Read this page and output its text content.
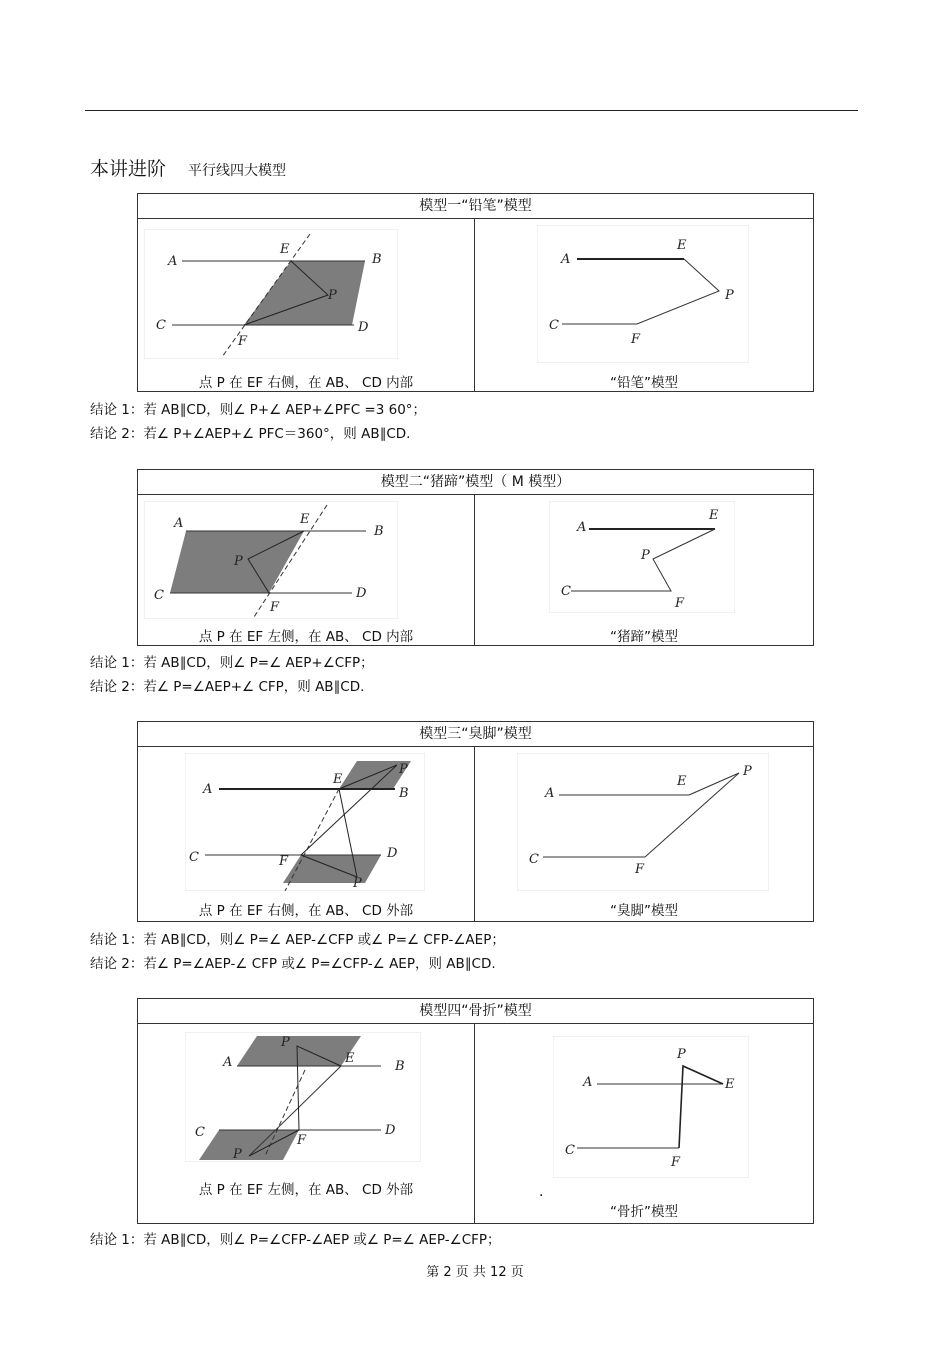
本讲进阶 平行线四大模型
模型一“铅笔”模型
A	B
C	D
E
F
P
点 P 在 EF 右侧，在 AB、 CD 内部
A
E
P
C
F
“铅笔”模型
结论 1：若 AB∥CD，则∠ P+∠ AEP+∠PFC =3 60°；
结论 2：若∠ P+∠AEP+∠ PFC＝360°，则 AB∥CD.
模型二“猪蹄”模型（ M 模型）
A
B
C	D
E
F
P
点 P 在 EF 左侧，在 AB、 CD 内部
A
E
P
C
F
“猪蹄”模型
结论 1：若 AB∥CD，则∠ P=∠ AEP+∠CFP；
结论 2：若∠ P=∠AEP+∠ CFP，则 AB∥CD.
模型三“臭脚”模型
A	B
C	D
E
F
P
P
点 P 在 EF 右侧，在 AB、 CD 外部
A
E
P
C
F
“臭脚”模型
结论 1：若 AB∥CD，则∠ P=∠ AEP-∠CFP 或∠ P=∠ CFP-∠AEP；
结论 2：若∠ P=∠AEP-∠ CFP 或∠ P=∠CFP-∠ AEP，则 AB∥CD.
模型四“骨折”模型
A	B
C	D
E
F
P
P
点 P 在 EF 左侧，在 AB、 CD 外部
A
P
E
C
F
.
“骨折”模型
结论 1：若 AB∥CD，则∠ P=∠CFP-∠AEP 或∠ P=∠ AEP-∠CFP；
第 2 页 共 12 页
